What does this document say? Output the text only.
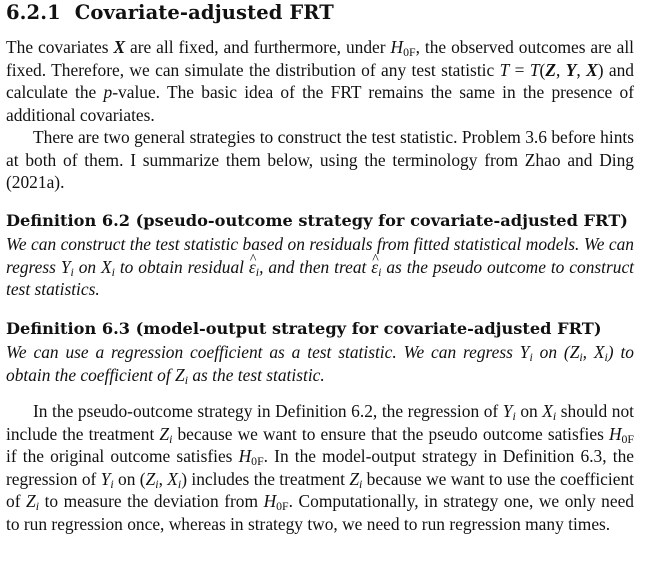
6.2.1 Covariate-adjusted FRT
The covariates X are all fixed, and furthermore, under $H_{0F}$, the observed outcomes are all fixed. Therefore, we can simulate the distribution of any test statistic T = T(Z, Y, X) and calculate the p-value. The basic idea of the FRT remains the same in the presence of additional covariates.
There are two general strategies to construct the test statistic. Problem 3.6 before hints at both of them. I summarize them below, using the terminology from Zhao and Ding (2021a).
Definition 6.2 (pseudo-outcome strategy for covariate-adjusted FRT)
We can construct the test statistic based on residuals from fitted statistical models. We can regress $Y_i$ on $X_i$ to obtain residual ^ $\varepsilon_i$, and then treat ^ $\varepsilon_i$ as the pseudo outcome to construct test statistics.
Definition 6.3 (model-output strategy for covariate-adjusted FRT)
We can use a regression coefficient as a test statistic. We can regress $Y_i$ on ($Z_i$, $X_i$) to obtain the coefficient of $Z_i$ as the test statistic.
In the pseudo-outcome strategy in Definition 6.2, the regression of $Y_i$ on $X_i$ should not include the treatment $Z_i$ because we want to ensure that the pseudo outcome satisfies $H_{0F}$ if the original outcome satisfies $H_{0F}$. In the model-output strategy in Definition 6.3, the regression of $Y_i$ on ($Z_i$, $X_i$) includes the treatment $Z_i$ because we want to use the coefficient of $Z_i$ to measure the deviation from $H_{0F}$. Computationally, in strategy one, we only need to run regression once, whereas in strategy two, we need to run regression many times.
